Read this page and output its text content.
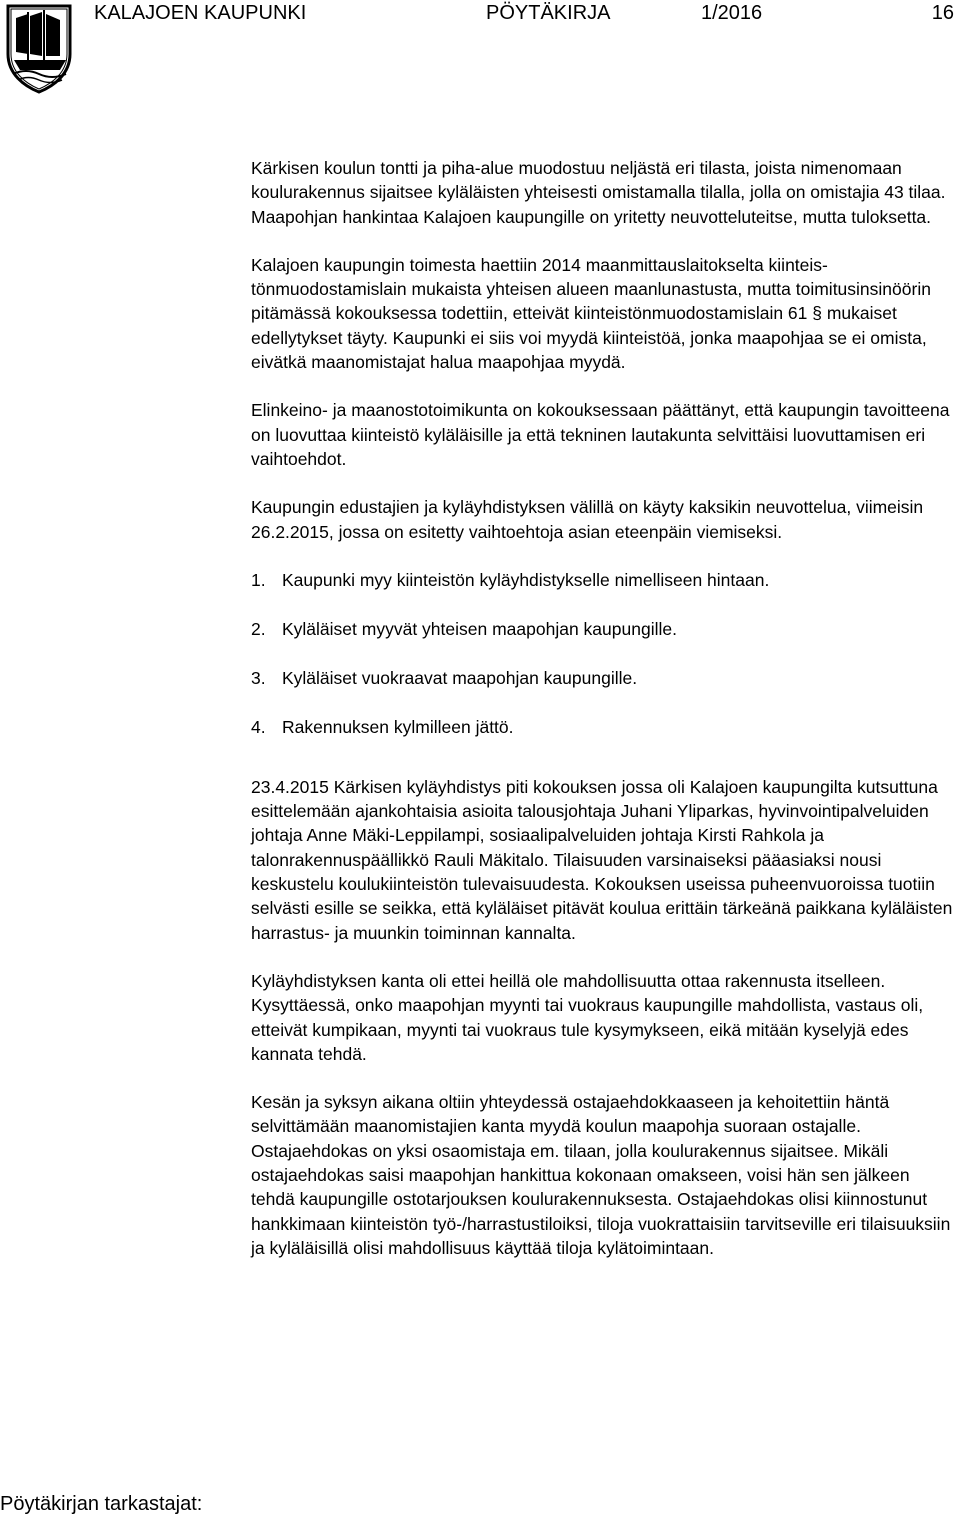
KALAJOEN KAUPUNKI	PÖYTÄKIRJA	1/2016	16

Kärkisen koulun tontti ja piha-alue muodostuu neljästä eri tilasta, joista nimenomaan koulurakennus sijaitsee kyläläisten yhteisesti omistamalla tilalla, jolla on omistajia 43 tilaa. Maapohjan hankintaa Kalajoen kaupungille on yritetty neuvotteluteitse, mutta tuloksetta.

Kalajoen kaupungin toimesta haettiin 2014 maanmittauslaitokselta kiinteistönmuodostamislain mukaista yhteisen alueen maanlunastusta, mutta toimitusinsinöörin pitämässä kokouksessa todettiin, etteivät kiinteistönmuodostamislain 61 § mukaiset edellytykset täyty. Kaupunki ei siis voi myydä kiinteistöä, jonka maapohjaa se ei omista, eivätkä maanomistajat halua maapohjaa myydä.

Elinkeino- ja maanostotoimikunta on kokouksessaan päättänyt, että kaupungin tavoitteena on luovuttaa kiinteistö kyläläisille ja että tekninen lautakunta selvittäisi luovuttamisen eri vaihtoehdot.

Kaupungin edustajien ja kyläyhdistyksen välillä on käyty kaksikin neuvottelua, viimeisin 26.2.2015, jossa on esitetty vaihtoehtoja asian eteenpäin viemiseksi.

1. Kaupunki myy kiinteistön kyläyhdistykselle nimelliseen hintaan.
2. Kyläläiset myyvät yhteisen maapohjan kaupungille.
3. Kyläläiset vuokraavat maapohjan kaupungille.
4. Rakennuksen kylmilleen jättö.

23.4.2015 Kärkisen kyläyhdistys piti kokouksen jossa oli Kalajoen kaupungilta kutsuttuna esittelemään ajankohtaisia asioita talousjohtaja Juhani Yliparkas, hyvinvointipalveluiden johtaja Anne Mäki-Leppilampi, sosiaalipalveluiden johtaja Kirsti Rahkola ja talonrakennuspäällikkö Rauli Mäkitalo. Tilaisuuden varsinaiseksi pääasiaksi nousi keskustelu koulukiinteistön tulevaisuudesta. Kokouksen useissa puheenvuoroissa tuotiin selvästi esille se seikka, että kyläläiset pitävät koulua erittäin tärkeänä paikkana kyläläisten harrastus- ja muunkin toiminnan kannalta.

Kyläyhdistyksen kanta oli ettei heillä ole mahdollisuutta ottaa rakennusta itselleen. Kysyttäessä, onko maapohjan myynti tai vuokraus kaupungille mahdollista, vastaus oli, etteivät kumpikaan, myynti tai vuokraus tule kysymykseen, eikä mitään kyselyjä edes kannata tehdä.

Kesän ja syksyn aikana oltiin yhteydessä ostajaehdokkaaseen ja kehoitettiin häntä selvittämään maanomistajien kanta myydä koulun maapohja suoraan ostajalle. Ostajaehdokas on yksi osaomistaja em. tilaan, jolla koulurakennus sijaitsee. Mikäli ostajaehdokas saisi maapohjan hankittua kokonaan omakseen, voisi hän sen jälkeen tehdä kaupungille ostotarjouksen koulurakennuksesta. Ostajaehdokas olisi kiinnostunut hankkimaan kiinteistön työ-/harrastustiloiksi, tiloja vuokrattaisiin tarvitseville eri tilaisuuksiin ja kyläläisillä olisi mahdollisuus käyttää tiloja kylätoimintaan.

Pöytäkirjan tarkastajat:
